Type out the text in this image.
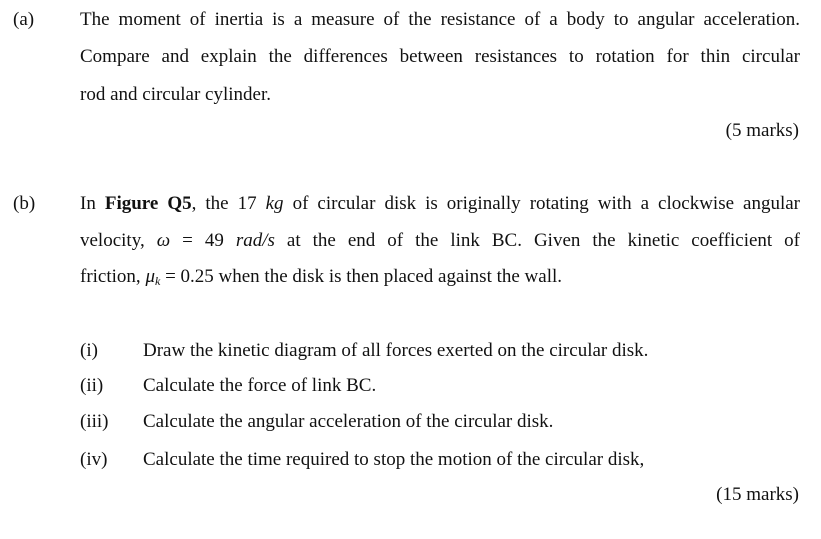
(a) The moment of inertia is a measure of the resistance of a body to angular acceleration.
Compare and explain the differences between resistances to rotation for thin circular
rod and circular cylinder.
(5 marks)
(b) In Figure Q5, the 17 kg of circular disk is originally rotating with a clockwise angular
velocity, ω = 49 rad/s at the end of the link BC. Given the kinetic coefficient of
friction, $\mu_k = 0.25$ when the disk is then placed against the wall.
(i) Draw the kinetic diagram of all forces exerted on the circular disk.
(ii) Calculate the force of link BC.
(iii) Calculate the angular acceleration of the circular disk.
(iv) Calculate the time required to stop the motion of the circular disk,
(15 marks)
